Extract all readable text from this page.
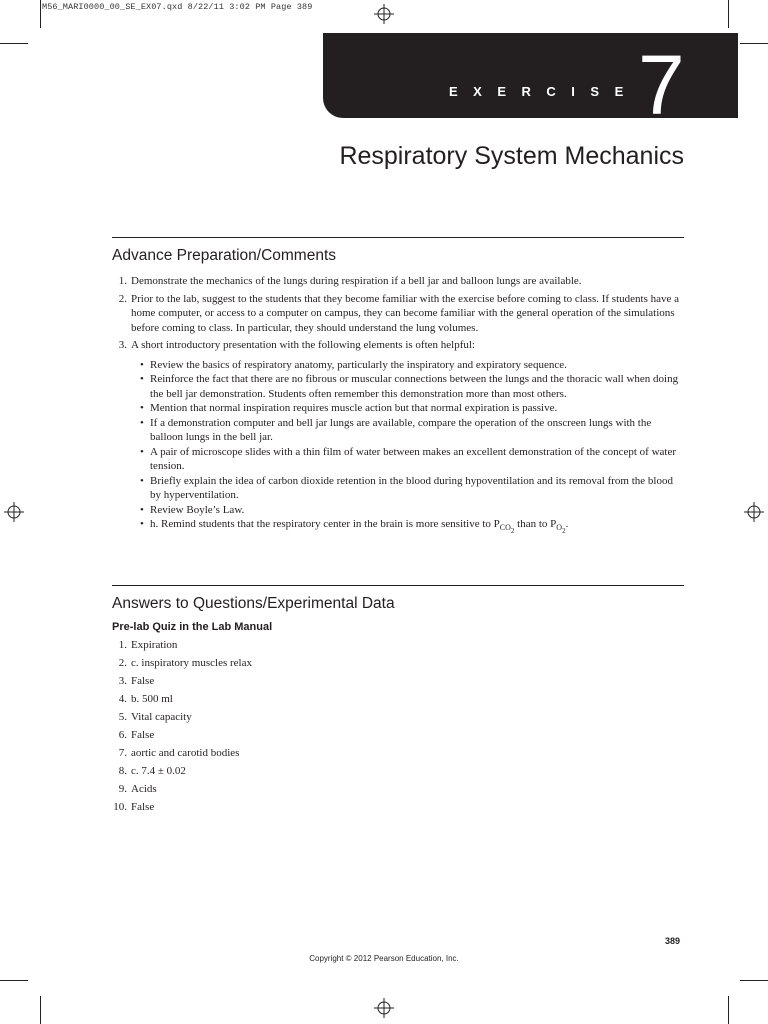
M56_MARI0000_00_SE_EX07.qxd 8/22/11 3:02 PM Page 389
EXERCISE 7
Respiratory System Mechanics
Advance Preparation/Comments
1. Demonstrate the mechanics of the lungs during respiration if a bell jar and balloon lungs are available.
2. Prior to the lab, suggest to the students that they become familiar with the exercise before coming to class. If students have a home computer, or access to a computer on campus, they can become familiar with the general operation of the simulations before coming to class. In particular, they should understand the lung volumes.
3. A short introductory presentation with the following elements is often helpful:
• Review the basics of respiratory anatomy, particularly the inspiratory and expiratory sequence.
• Reinforce the fact that there are no fibrous or muscular connections between the lungs and the thoracic wall when doing the bell jar demonstration. Students often remember this demonstration more than most others.
• Mention that normal inspiration requires muscle action but that normal expiration is passive.
• If a demonstration computer and bell jar lungs are available, compare the operation of the onscreen lungs with the balloon lungs in the bell jar.
• A pair of microscope slides with a thin film of water between makes an excellent demonstration of the concept of water tension.
• Briefly explain the idea of carbon dioxide retention in the blood during hypoventilation and its removal from the blood by hyperventilation.
• Review Boyle’s Law.
• h. Remind students that the respiratory center in the brain is more sensitive to $P_{CO2}$ than to $P_{O2}$.
Answers to Questions/Experimental Data
Pre-lab Quiz in the Lab Manual
1. Expiration
2. c. inspiratory muscles relax
3. False
4. b. 500 ml
5. Vital capacity
6. False
7. aortic and carotid bodies
8. c. 7.4 ± 0.02
9. Acids
10. False
389
Copyright © 2012 Pearson Education, Inc.
